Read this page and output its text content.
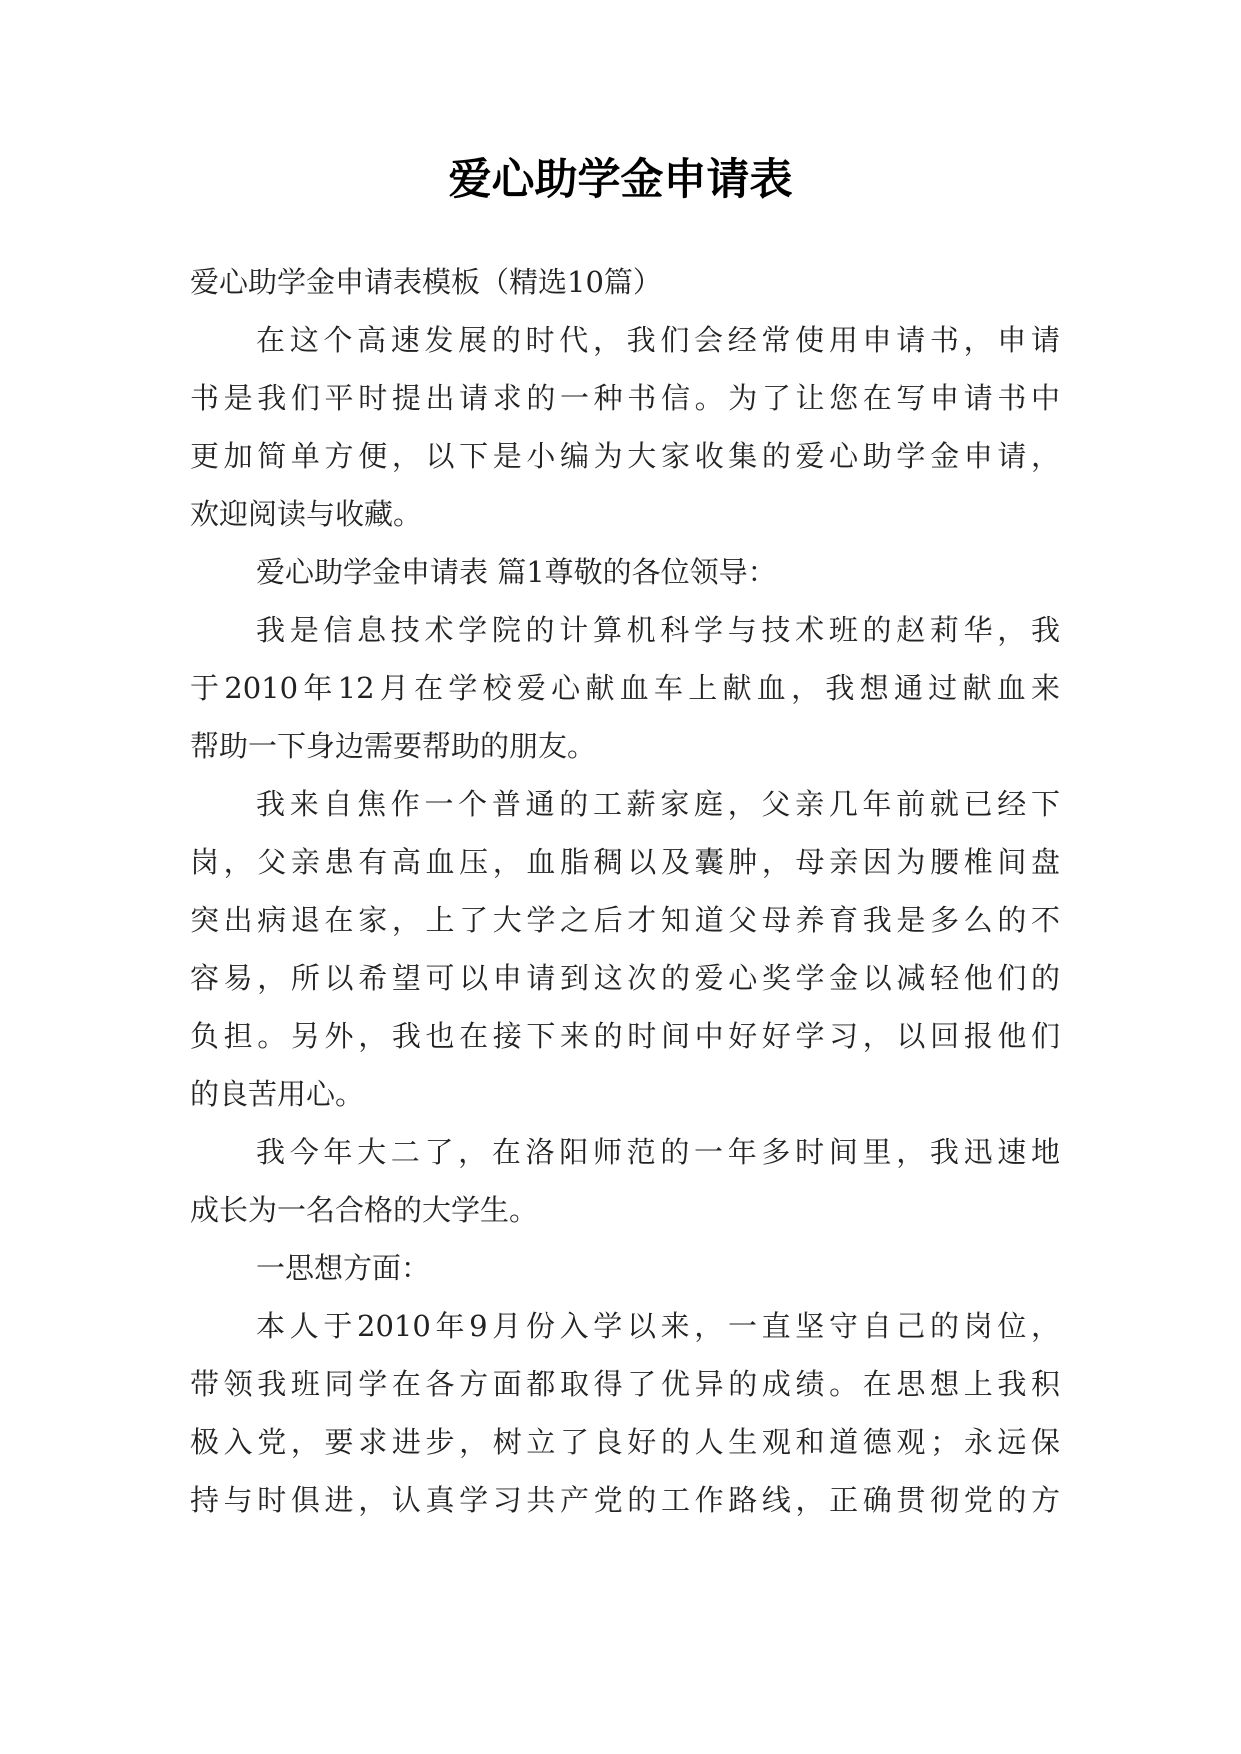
爱心助学金申请表

爱心助学金申请表模板（精选10篇）

在这个高速发展的时代，我们会经常使用申请书，申请

书是我们平时提出请求的一种书信。为了让您在写申请书中

更加简单方便，以下是小编为大家收集的爱心助学金申请，

欢迎阅读与收藏。

爱心助学金申请表 篇1尊敬的各位领导：

我是信息技术学院的计算机科学与技术班的赵莉华，我

于2010年12月在学校爱心献血车上献血，我想通过献血来

帮助一下身边需要帮助的朋友。

我来自焦作一个普通的工薪家庭，父亲几年前就已经下

岗，父亲患有高血压，血脂稠以及囊肿，母亲因为腰椎间盘

突出病退在家，上了大学之后才知道父母养育我是多么的不

容易，所以希望可以申请到这次的爱心奖学金以减轻他们的

负担。另外，我也在接下来的时间中好好学习，以回报他们

的良苦用心。

我今年大二了，在洛阳师范的一年多时间里，我迅速地

成长为一名合格的大学生。

一思想方面：

本人于2010年9月份入学以来，一直坚守自己的岗位，

带领我班同学在各方面都取得了优异的成绩。在思想上我积

极入党，要求进步，树立了良好的人生观和道德观；永远保

持与时俱进，认真学习共产党的工作路线，正确贯彻党的方
